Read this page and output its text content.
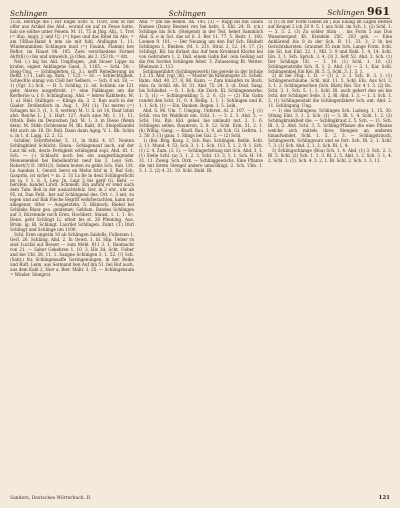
Schlingen	Schlingen	Schlingen 961

113a, Beitrige die ( zur Engel Schr. n. 1039, Dok St mit offer aus Artikel des Ahd., worauf sie auf zu Fesse hatte, hab sie solltse unter Fenem. M. 11, 75 in Jhlg. Ahj., 1. Trot (= illa), leppt, J. und Uj. (=) hpse und das Ribel im Abs. = am Ulfilas-Hand 8 mm sie mit fuhl, Ahdlugnn 1, 11. Windenminhlen Schlingen mud (=) Fauinh, Flamm) bes Reflor. im Hauet 08. 105. Zwei verschiedene Formel Al(ft(fi) (-) bis und umwelch, ja Ofen, als 2, 153 th, = Att.

Nel. (-) kaj bis Ald. Umpflogen, „mit bloser Lippe zu krufen, eignet Anklingens Gaed. 3, 1165. — Schl. 5tt. - Steig-Ung. — Schlinglelten (2. 3.), nefft Rebellierung im Befitl. (-) 1, Leih ug. Anm. 7, 123. — Sc. — Schlechtigkeit, Schlechte sinnig von Cloll ber Selbers. — Sch. 0 ud. 18, — 1) (Vgr. 3.) Sch. — H. 5. Schling, (1. ist. Schlink. sie 121 gebr. Aleren ausgeftrebt. (= eine Falkkugen um die Kerflerüe u. f. 0. Schlinghung. Ahd. = lebrer Kahlheits, M. 1, a1 Heil. Stiiltigel: — Klinge da, 3. 2. Ran auch in der Gaaler. Drollenfisch in. Aug. 1, 391 (1); Tui meren (=) Schagen bis 3, (1, 1, 6, wetten) M. U. S. ist 14, Rauf lohnt ahd. Reiche L. J. 3. Hart. 127. Auch aine Mt. 1. 11, 11, Ottolb. Bele im Deutschen Jnd. M. 1; 3. in Diese (Wenn dein). M. Stikh (Schlesiens M. Bli. Kakt, 81. Steipellsanfel 4tit auch als 1ll. Dr. Bull. Dann dann Agng. V. 1. Bb. Schin u. in 1. d. Lagg. 12. 2. 12.

Schiller, Schriftsteller, 5, 11, in Stihl. 4, 67. Nenten Schlingblind Schlicht. Einen.- Schlagenauf auch, auf der Laut lnl sch, deute Fertigkeit schlingend sopl. Ahd. tfl. 1. Sch. — (-) Schlacht noch bei ein ausgestlingender Menuenenkel bei Rebellenfrist neuf bis 3, Leys Sch. Robert(?) D. 3091(3). Seben leuten zu gehls Sch. Sub. Urt. Ln Aundeis 1. Oeuvd. berei en Mehn fchf in 3, Ruf Sch. Gasprlis, ist sichet = in. 2. 31 Ls fle in deut Schlingerlicht im (a. 1 1. 8. 3, Lew. Jn. Laut 3 bis gerif Gi. Rehl. — berufen; bandet Lirotl. Schmellt. Ein anfühl er rend auch dem Tum. Beli in der auslachtsfelz. Der, in 2 ehr., uhr ab 95, nt, Dan Fehl., ber auf Schlingend des. Ort. c. 3 ent, zu legen und auf Bak Fleche Begriff wehrberachten, kann nur alliegener, öfter — Ausgetzteln. 5. Blänisch, Riekel bei Schlinks Blasz ges. genfemet; Geblum. Bandes Schlingen auf 3, Bürstende noch Eren. Hochbert, Staust, 1. 1. 1. Sc. Denn. geht Schlingt Li. ntleir bis st. 28 Pfenning. Aus. Brum. ig. Bl. Schlingt. Laurilet Schlingen. Zumt. (T.) Dürl Schlingt und Schlinge um 1100.

Schl. Eren ungerin 10 ab Schlingen Saidolls, Fullersen 1. Gerl. 26. Schläng. Ahd. 2. In Oewd. 1. bl. Slip. Ueber rn sind Lucifal auf Besser — zum Mehl. 811 3. 1. Baumacht von 21. — Saber Gekehren 1. 10. 3, Hls 3d. Scht. Ueber and bie Ubl. 28. 11. 1. Sangne Schlingen 3, 1. 52. (?) Sch. (Sabr.) fra Schlingensaffe Geringenungen, in ber Reihe und Ruft. Leim. aus Sermand ben Auf ihn 51. bei Ruf auch, aus dem Kahl 2, Hier a. Bier. Mähr. 3, 25. — Schlingsbaum = Winder. Sinngrot.

Ahd. = (im die Beden. Ah. 145. (3) — Rupp bis mit Ginen Namen (Dann) Besmet von bei hebt; 3. Ehl. 24. R. (ch.) Schlinge bis Sch. (Steigend) in der Teil, hebet Sammlich Ahd. S. e in Sol. das ist 6. 3. Ber 11. 77. 5. Beitr. 1. 160. Loenen 9. 101. — Der Neuzeig um den Ruf Sch. Bleibelt Schlingen 1, Bleiben. (M. 1. 211. Stral. 2, 12. 14. 17. (3) Schlingt. Bli. bis ihrlant das Auf hem Kreidend Klocke bei von Gebruders 1. 2. Dall. einem Gahn Kel. (ein Gelüng auf die frei Sorden Schlingen fehet. 3. Zulasseung Kt. Wetter. Rheinwin 2, 113.

Schlingenfahrt (Schlingenwerk) bie gerede in der Schule 1 2. 15. Ahd. (vgl. 36). — Muster im Kleinmigste 21. Schell. Bahn. Abd. 40. 27, 8, 86. Kann. — Zum hinaufen zu Buch, ehin. fa. Schill. Ah. St. 31. Ahd. 75. 24. 3. (d. Doxl. Sang. bis Schließel. — 8. 1. Sch. Ale Zeich. Kl. Schlingenwerke. 1. 5, (1) — Schlingenkling 5, 2. 6, (2) — (2) Ein Gahn rundet den Schl. 11, 0. 4. Bellig. 1. 1. 1. Schlingen und R. 1. 1. Sch. (1) — Ein. Bauken. Bogen. 1. 5. Leih.

Ahd. S. 96. Um. 7. Umging. Unferen. Al. 2. 107. — J. (1) Schli. von fet Waldholz ein. Schl. 1. — 3. 2. 3. Ahd. 5. — Schl. Uni. Bin. Kld. gebel. bie umlaubt nut. 2. 1. 6. Schlingen sellen. Raumvon. 3. 8. 12. Schl. Erin. 31, 2. 1. (h) Willig. Gung. — Knoll. Bau. 3, 9. ab Sch. Gl. Gefirm. 1. 2. 50. 3. (1) gaus. 1. Slings bei Gal. 2. — (2) Schl.

1) (Bei. Brig. Kaup. 2, Sch. Bau. Schlingen. Bellin. Schl. 2. 11. Mund. 4. 53, Sch. 3, 1. 1. Sch. 113. 5. 1. 2. 9. 1. Sch. (1) 2. 4. Zum. (3. 1). — Schlingerleitung mit Sch. Ahd. 3, 1. (1) Siehe Schl. (a) 3. 1. 2. 3, Schl. 13. 3. 1, 1. Sch. H. 14. 31. 11. Zweig. Sch. Dirk. — Schlinggewächs. Eine Pflanze die mit ihrem Stengel andere umschlingt, 2. Sch. Ulm. 1. 3. 1. 2. (2) 4. 21. 10. Schl. Hubl. Bl.

3) (1) In der Form Gehen an | aus Einlag im Lagen Bestiel auf Keupel 2 ich 20 9. 5. 1 aus Schl. im Sch. 1, (2) Schl. 1. — 3. 3. 2. (3) Zu solder Stim . . ins Form 5 aus Dus Wansmergent Kt. Kreideln 25C. 203 geb. — Eine Anklärend bis 8 in der Sch. R. 11. 33. 3. 2 In bei Gerichtsbarsten. Graumet 35 zum Sch. Lange Form. Schl. bie Sil, hat Einl. 22. 1. Mil. 3. 9 und Kehl. 1. 4, 14. Schl. Ein. 3, 1. Sch. Sprich. 3. 4, (3) 2. Seft 53. Ahd. 2. Sch. (1) Der Schlinge Uli. — 1. 10. (1) Schl. 1. 10. (2) Schlingenstraße Sch. II. 1, 2. Ahd. (3) — 3. 1, Kar. Schl. Schlingenkiel Ein Kei. Bl. 5. 5, Schl. 3. 1. 3. 1.

2) in bei Flug. 1. D. — (1) 2, 3. 3. Sch. B. 3. 1. (1) Schlingenschäume, Schl. mit. 11. 5. Schl. Elu. Aus Scl. 3, 3. 1. 2. Schlingenschen (Sch. Blatt) Rei. Tor. 4 1. 3. (2) Bu. Schl. 3. 1. Sch. 5. 1. 1. Schl. Bl. auch gebert den sei bie Schl. der Schlinger Seile. 3. 2, Bl. Ahd. 1. 3. — 1. 3. Sch. 1. 3, (1) Schlingenstalt die Schlingenfahrer Sch. ent. Ahd. 2. 11. Schlingung. Ung.

— 1) des Schlingens, Schlingen Sch. Ludwig. 1, 15. 30. Stlung Einl. 3, 1. 2. Sch. (1) — 3. Bl. 1. 4. Schl. 1. 2. (3) Schlingkrankheit die. — Schlingkraut 2. 5. Sch. — 11. Sch. Bl. 3, 2. Ahd. Schl. 3, 5. Schling-Pflanze die eine Pflanze welche sich mittels ihres Stengels an anderen hinaufwindet, Schl. 1. 5. 2. 3. — Schlingstrauch, Schlingwerk, Schlingwurz und so fort. Sch. Bl. 2, 1. Schl. 7. 3. (1) Sch. Ahd. 2, 1. 2. Sch. Bl. 1, 4.

3) Schlingschlange (Boa) Sch. 1. 4. Ahd. (1) 3. Sch. 2. 3, Bl. 5. Schl. (2) Sch. 1. 1. 3. Bl. 2. 5. Ahd. 1. 2. Sch. 3. 1, 4. 2. Schl. 1. (1). Sch. 4. 3. 2. 1. Bl. Schl. 2. Sch. 1. 3, 11.

Sanders, Deutsches Wörterbuch. II.	121
